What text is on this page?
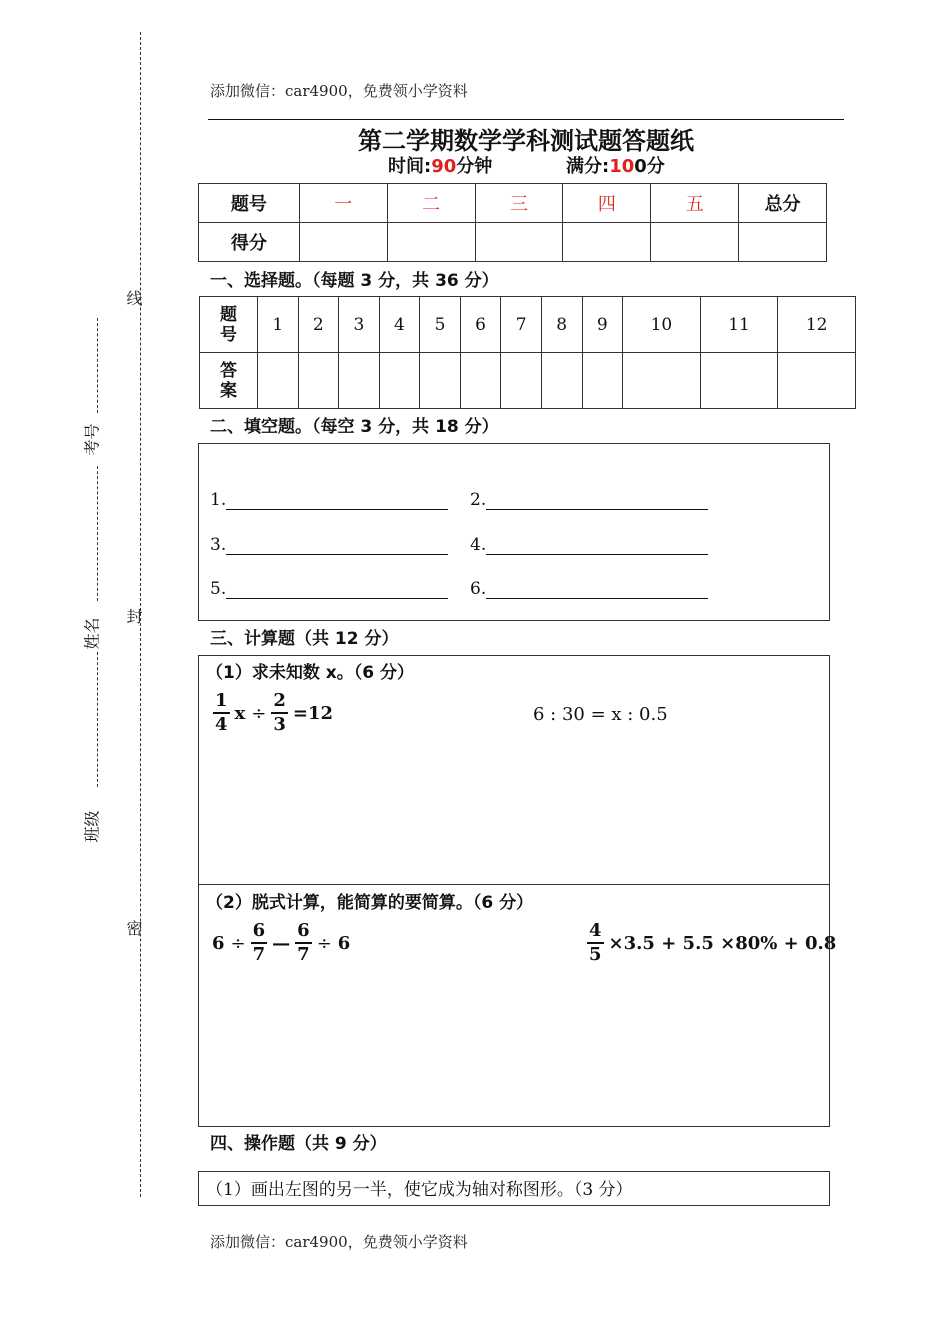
添加微信：car4900，免费领小学资料
添加微信：car4900，免费领小学资料
线
封
密
考号
姓名
班级
第二学期数学学科测试题答题纸
时间:90分钟	满分:100分
题号	一	二	三	四	五	总分
得分						
一、选择题。（每题 3 分，共 36 分）
题
号	1	2	3	4	5	6	7	8	9	10	11	12
答
案												
二、填空题。（每空 3 分，共 18 分）
1.	2.
3.	4.
5.	6.
三、计算题（共 12 分）
（1）求未知数 x。（6 分）
$\frac{1}{4}$ $x \div \frac{2}{3} =12$	6 : 30 = x : 0.5
（2）脱式计算，能简算的要简算。（6 分）
$6 \div \frac{6}{7}$ — $\frac{6}{7} \div 6$	$\frac{4}{5} \times 3.5 + 5.5 \times 80\% + 0.8$
四、操作题（共 9 分）
（1）画出左图的另一半，使它成为轴对称图形。（3 分）
